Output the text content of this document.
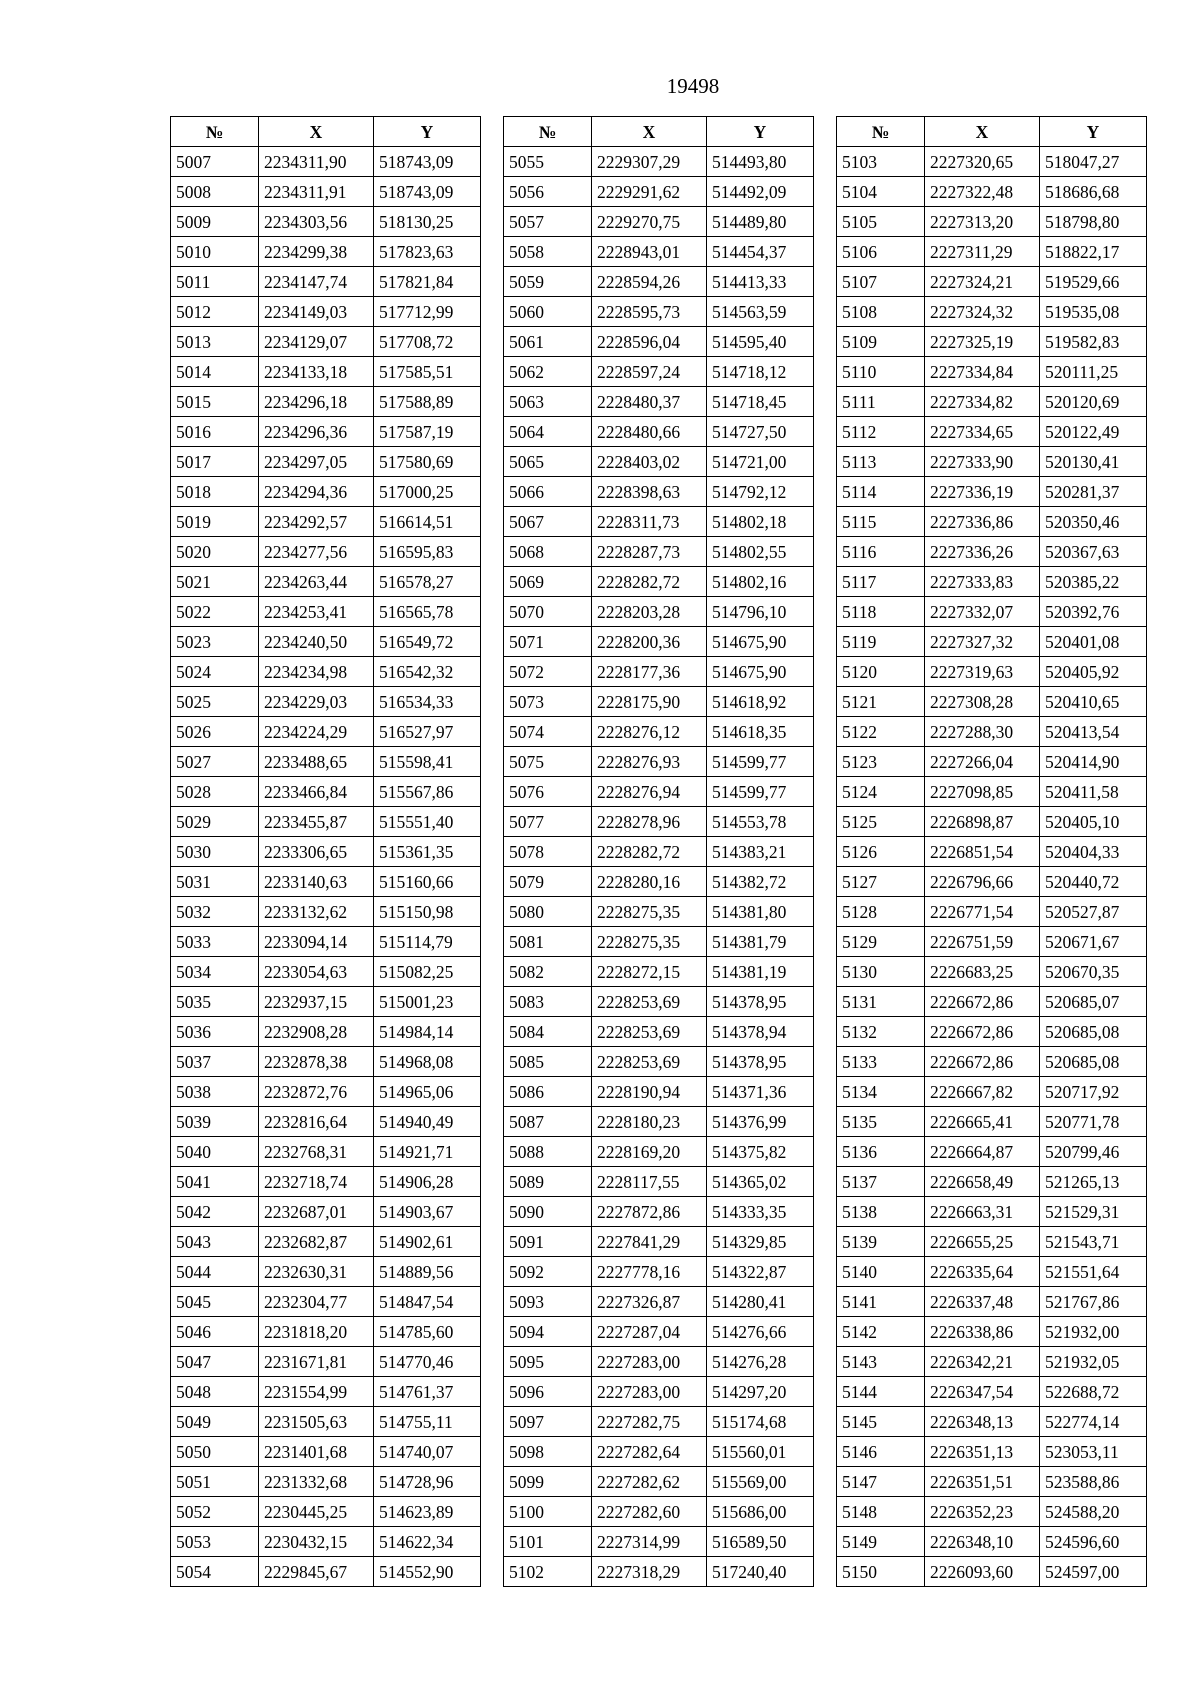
19498
№	X	Y
5007	2234311,90	518743,09
5008	2234311,91	518743,09
5009	2234303,56	518130,25
5010	2234299,38	517823,63
5011	2234147,74	517821,84
5012	2234149,03	517712,99
5013	2234129,07	517708,72
5014	2234133,18	517585,51
5015	2234296,18	517588,89
5016	2234296,36	517587,19
5017	2234297,05	517580,69
5018	2234294,36	517000,25
5019	2234292,57	516614,51
5020	2234277,56	516595,83
5021	2234263,44	516578,27
5022	2234253,41	516565,78
5023	2234240,50	516549,72
5024	2234234,98	516542,32
5025	2234229,03	516534,33
5026	2234224,29	516527,97
5027	2233488,65	515598,41
5028	2233466,84	515567,86
5029	2233455,87	515551,40
5030	2233306,65	515361,35
5031	2233140,63	515160,66
5032	2233132,62	515150,98
5033	2233094,14	515114,79
5034	2233054,63	515082,25
5035	2232937,15	515001,23
5036	2232908,28	514984,14
5037	2232878,38	514968,08
5038	2232872,76	514965,06
5039	2232816,64	514940,49
5040	2232768,31	514921,71
5041	2232718,74	514906,28
5042	2232687,01	514903,67
5043	2232682,87	514902,61
5044	2232630,31	514889,56
5045	2232304,77	514847,54
5046	2231818,20	514785,60
5047	2231671,81	514770,46
5048	2231554,99	514761,37
5049	2231505,63	514755,11
5050	2231401,68	514740,07
5051	2231332,68	514728,96
5052	2230445,25	514623,89
5053	2230432,15	514622,34
5054	2229845,67	514552,90
№	X	Y
5055	2229307,29	514493,80
5056	2229291,62	514492,09
5057	2229270,75	514489,80
5058	2228943,01	514454,37
5059	2228594,26	514413,33
5060	2228595,73	514563,59
5061	2228596,04	514595,40
5062	2228597,24	514718,12
5063	2228480,37	514718,45
5064	2228480,66	514727,50
5065	2228403,02	514721,00
5066	2228398,63	514792,12
5067	2228311,73	514802,18
5068	2228287,73	514802,55
5069	2228282,72	514802,16
5070	2228203,28	514796,10
5071	2228200,36	514675,90
5072	2228177,36	514675,90
5073	2228175,90	514618,92
5074	2228276,12	514618,35
5075	2228276,93	514599,77
5076	2228276,94	514599,77
5077	2228278,96	514553,78
5078	2228282,72	514383,21
5079	2228280,16	514382,72
5080	2228275,35	514381,80
5081	2228275,35	514381,79
5082	2228272,15	514381,19
5083	2228253,69	514378,95
5084	2228253,69	514378,94
5085	2228253,69	514378,95
5086	2228190,94	514371,36
5087	2228180,23	514376,99
5088	2228169,20	514375,82
5089	2228117,55	514365,02
5090	2227872,86	514333,35
5091	2227841,29	514329,85
5092	2227778,16	514322,87
5093	2227326,87	514280,41
5094	2227287,04	514276,66
5095	2227283,00	514276,28
5096	2227283,00	514297,20
5097	2227282,75	515174,68
5098	2227282,64	515560,01
5099	2227282,62	515569,00
5100	2227282,60	515686,00
5101	2227314,99	516589,50
5102	2227318,29	517240,40
№	X	Y
5103	2227320,65	518047,27
5104	2227322,48	518686,68
5105	2227313,20	518798,80
5106	2227311,29	518822,17
5107	2227324,21	519529,66
5108	2227324,32	519535,08
5109	2227325,19	519582,83
5110	2227334,84	520111,25
5111	2227334,82	520120,69
5112	2227334,65	520122,49
5113	2227333,90	520130,41
5114	2227336,19	520281,37
5115	2227336,86	520350,46
5116	2227336,26	520367,63
5117	2227333,83	520385,22
5118	2227332,07	520392,76
5119	2227327,32	520401,08
5120	2227319,63	520405,92
5121	2227308,28	520410,65
5122	2227288,30	520413,54
5123	2227266,04	520414,90
5124	2227098,85	520411,58
5125	2226898,87	520405,10
5126	2226851,54	520404,33
5127	2226796,66	520440,72
5128	2226771,54	520527,87
5129	2226751,59	520671,67
5130	2226683,25	520670,35
5131	2226672,86	520685,07
5132	2226672,86	520685,08
5133	2226672,86	520685,08
5134	2226667,82	520717,92
5135	2226665,41	520771,78
5136	2226664,87	520799,46
5137	2226658,49	521265,13
5138	2226663,31	521529,31
5139	2226655,25	521543,71
5140	2226335,64	521551,64
5141	2226337,48	521767,86
5142	2226338,86	521932,00
5143	2226342,21	521932,05
5144	2226347,54	522688,72
5145	2226348,13	522774,14
5146	2226351,13	523053,11
5147	2226351,51	523588,86
5148	2226352,23	524588,20
5149	2226348,10	524596,60
5150	2226093,60	524597,00
